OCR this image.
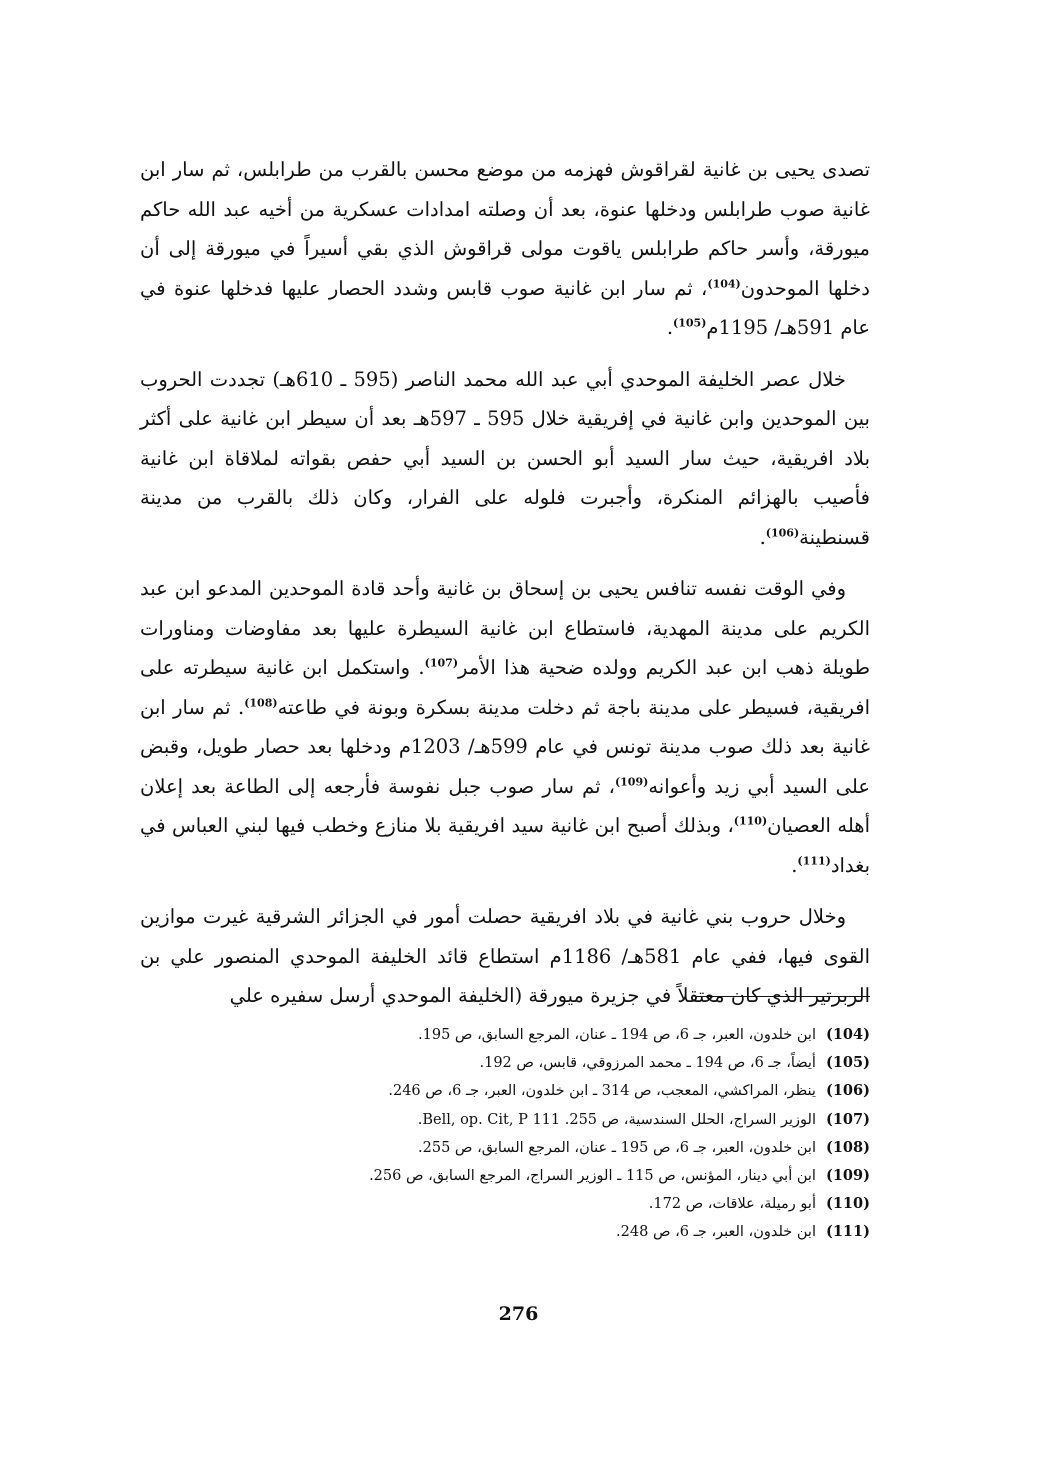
تصدى يحيى بن غانية لقراقوش فهزمه من موضع محسن بالقرب من طرابلس، ثم سار ابن غانية صوب طرابلس ودخلها عنوة، بعد أن وصلته امدادات عسكرية من أخيه عبد الله حاكم ميورقة، وأسر حاكم طرابلس ياقوت مولى قراقوش الذي بقي أسيراً في ميورقة إلى أن دخلها الموحدون$^{(104)}$، ثم سار ابن غانية صوب قابس وشدد الحصار عليها فدخلها عنوة في عام 591هـ/ 1195م$^{(105)}$.

خلال عصر الخليفة الموحدي أبي عبد الله محمد الناصر (595 ـ 610هـ) تجددت الحروب بين الموحدين وابن غانية في إفريقية خلال 595 ـ 597هـ بعد أن سيطر ابن غانية على أكثر بلاد افريقية، حيث سار السيد أبو الحسن بن السيد أبي حفص بقواته لملاقاة ابن غانية فأصيب بالهزائم المنكرة، وأجبرت فلوله على الفرار، وكان ذلك بالقرب من مدينة قسنطينة$^{(106)}$.

وفي الوقت نفسه تنافس يحيى بن إسحاق بن غانية وأحد قادة الموحدين المدعو ابن عبد الكريم على مدينة المهدية، فاستطاع ابن غانية السيطرة عليها بعد مفاوضات ومناورات طويلة ذهب ابن عبد الكريم وولده ضحية هذا الأمر$^{(107)}$. واستكمل ابن غانية سيطرته على افريقية، فسيطر على مدينة باجة ثم دخلت مدينة بسكرة وبونة في طاعته$^{(108)}$. ثم سار ابن غانية بعد ذلك صوب مدينة تونس في عام 599هـ/ 1203م ودخلها بعد حصار طويل، وقبض على السيد أبي زيد وأعوانه$^{(109)}$، ثم سار صوب جبل نفوسة فأرجعه إلى الطاعة بعد إعلان أهله العصيان$^{(110)}$، وبذلك أصبح ابن غانية سيد افريقية بلا منازع وخطب فيها لبني العباس في بغداد$^{(111)}$.

وخلال حروب بني غانية في بلاد افريقية حصلت أمور في الجزائر الشرقية غيرت موازين القوى فيها، ففي عام 581هـ/ 1186م استطاع قائد الخليفة الموحدي المنصور علي بن الربرتير الذي كان معتقلاً في جزيرة ميورقة (الخليفة الموحدي أرسل سفيره علي

(104)ابن خلدون، العبر، جـ 6، ص 194 ـ عنان، المرجع السابق، ص 195.
(105)أيضاً، جـ 6، ص 194 ـ محمد المرزوقي، قابس، ص 192.
(106)ينظر، المراكشي، المعجب، ص 314 ـ ابن خلدون، العبر، جـ 6، ص 246.
(107)الوزير السراج، الحلل السندسية، ص 255. Bell, op. Cit, P 111.
(108)ابن خلدون، العبر، جـ 6، ص 195 ـ عنان، المرجع السابق، ص 255.
(109)ابن أبي دينار، المؤنس، ص 115 ـ الوزير السراج، المرجع السابق، ص 256.
(110)أبو رميلة، علاقات، ص 172.
(111)ابن خلدون، العبر، جـ 6، ص 248.
276
